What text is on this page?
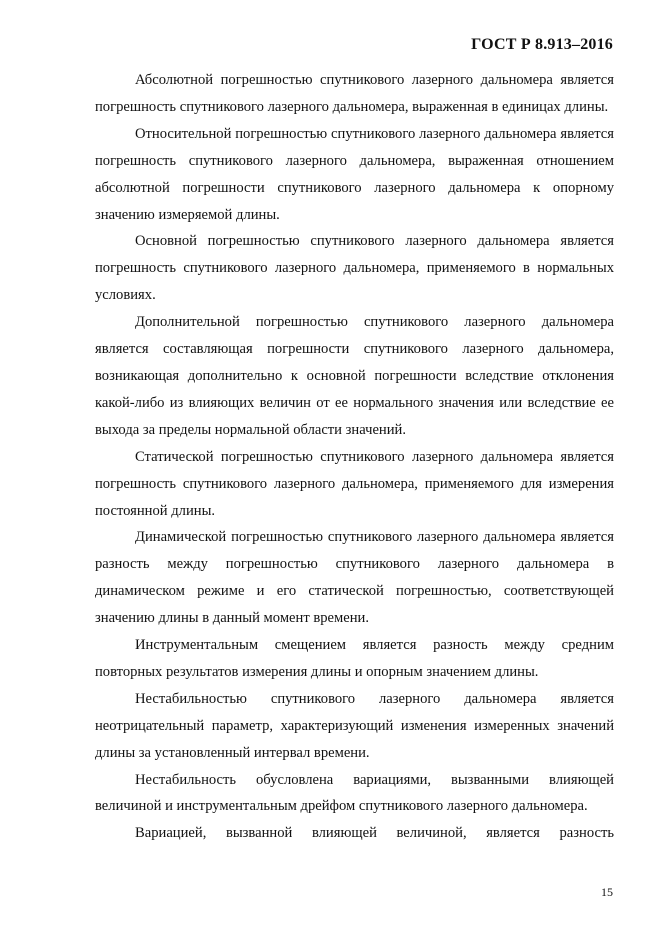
ГОСТ Р 8.913–2016

Абсолютной погрешностью спутникового лазерного дальномера является погрешность спутникового лазерного дальномера, выраженная в единицах длины.

Относительной погрешностью спутникового лазерного дальномера является погрешность спутникового лазерного дальномера, выраженная отношением абсолютной погрешности спутникового лазерного дальномера к опорному значению измеряемой длины.

Основной погрешностью спутникового лазерного дальномера является погрешность спутникового лазерного дальномера, применяемого в нормальных условиях.

Дополнительной погрешностью спутникового лазерного дальномера является составляющая погрешности спутникового лазерного дальномера, возникающая дополнительно к основной погрешности вследствие отклонения какой-либо из влияющих величин от ее нормального значения или вследствие ее выхода за пределы нормальной области значений.

Статической погрешностью спутникового лазерного дальномера является погрешность спутникового лазерного дальномера, применяемого для измерения постоянной длины.

Динамической погрешностью спутникового лазерного дальномера является разность между погрешностью спутникового лазерного дальномера в динамическом режиме и его статической погрешностью, соответствующей значению длины в данный момент времени.

Инструментальным смещением является разность между средним повторных результатов измерения длины и опорным значением длины.

Нестабильностью спутникового лазерного дальномера является неотрицательный параметр, характеризующий изменения измеренных значений длины за установленный интервал времени.

Нестабильность обусловлена вариациями, вызванными влияющей величиной и инструментальным дрейфом спутникового лазерного дальномера.

Вариацией, вызванной влияющей величиной, является разность

15
